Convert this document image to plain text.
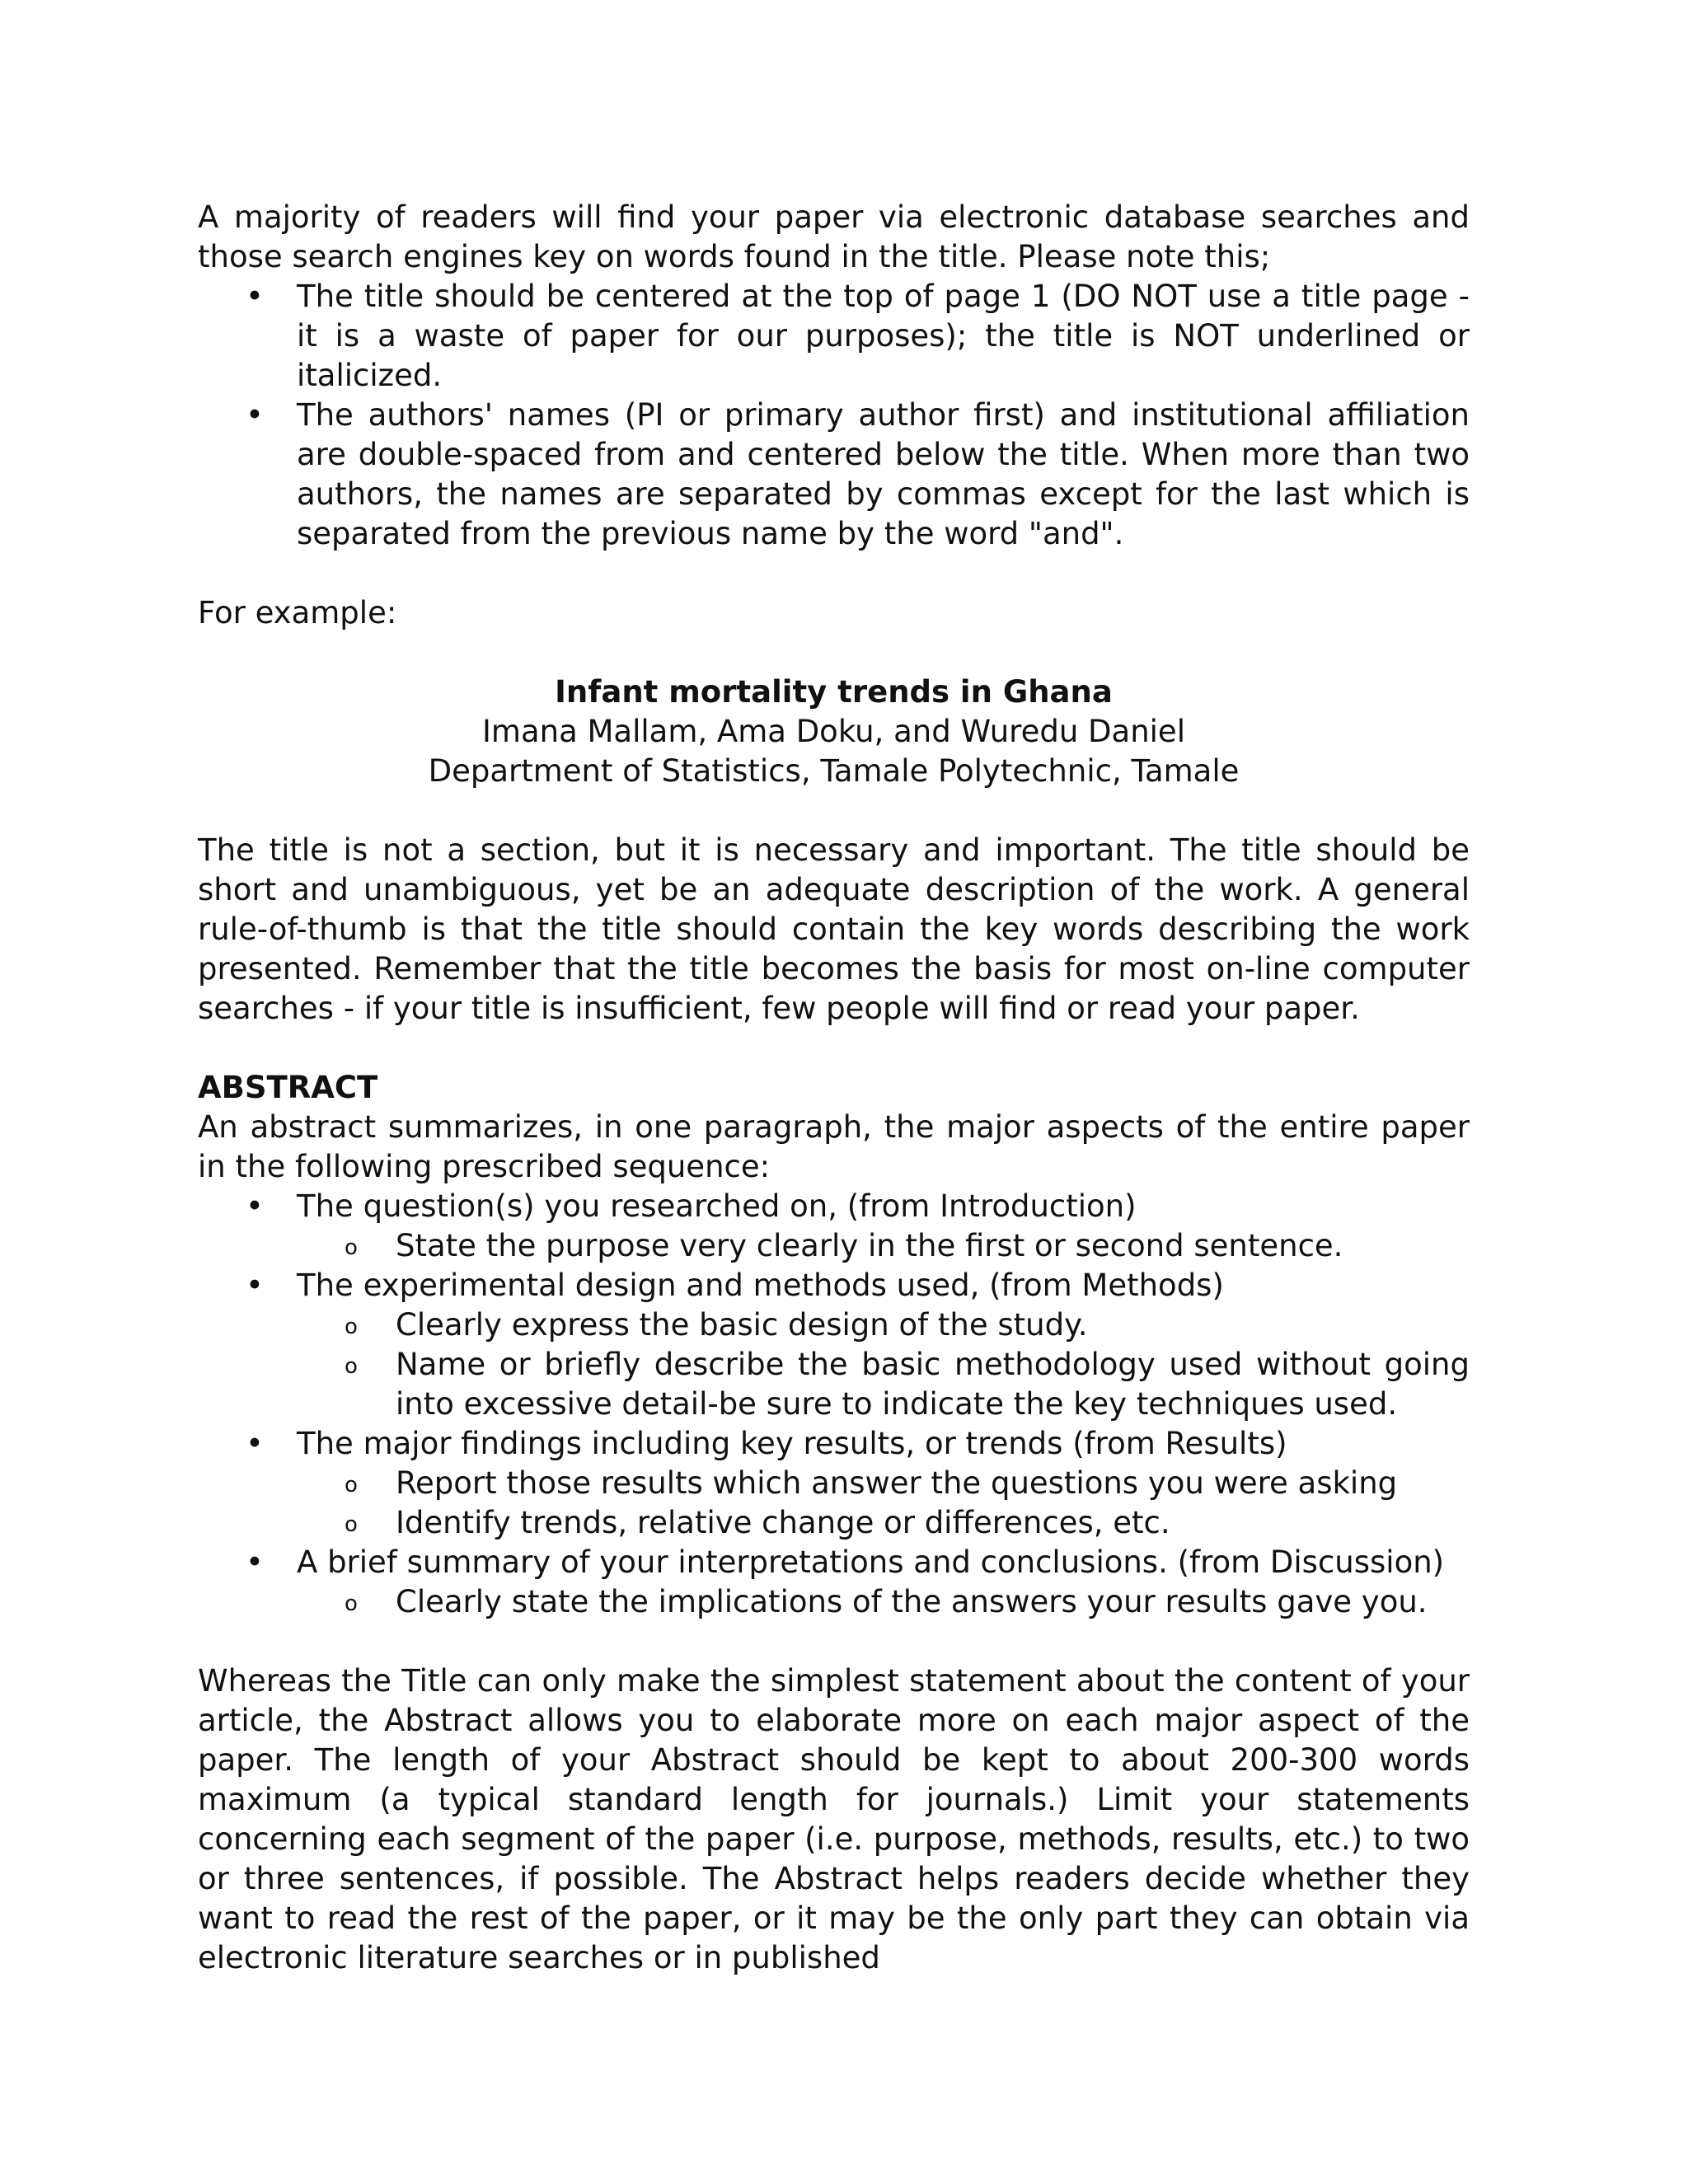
A majority of readers will find your paper via electronic database searches and those search engines key on words found in the title. Please note this;

• The title should be centered at the top of page 1 (DO NOT use a title page - it is a waste of paper for our purposes); the title is NOT underlined or italicized.
• The authors' names (PI or primary author first) and institutional affiliation are double-spaced from and centered below the title. When more than two authors, the names are separated by commas except for the last which is separated from the previous name by the word "and".

For example:

Infant mortality trends in Ghana

Imana Mallam, Ama Doku, and Wuredu Daniel

Department of Statistics, Tamale Polytechnic, Tamale

The title is not a section, but it is necessary and important. The title should be short and unambiguous, yet be an adequate description of the work. A general rule-of-thumb is that the title should contain the key words describing the work presented. Remember that the title becomes the basis for most on-line computer searches - if your title is insufficient, few people will find or read your paper.

ABSTRACT

An abstract summarizes, in one paragraph, the major aspects of the entire paper in the following prescribed sequence:

• The question(s) you researched on, (from Introduction)
o State the purpose very clearly in the first or second sentence.
• The experimental design and methods used, (from Methods)
o Clearly express the basic design of the study.
o Name or briefly describe the basic methodology used without going into excessive detail-be sure to indicate the key techniques used.
• The major findings including key results, or trends (from Results)
o Report those results which answer the questions you were asking
o Identify trends, relative change or differences, etc.
• A brief summary of your interpretations and conclusions. (from Discussion)
o Clearly state the implications of the answers your results gave you.

Whereas the Title can only make the simplest statement about the content of your article, the Abstract allows you to elaborate more on each major aspect of the paper. The length of your Abstract should be kept to about 200-300 words maximum (a typical standard length for journals.) Limit your statements concerning each segment of the paper (i.e. purpose, methods, results, etc.) to two or three sentences, if possible. The Abstract helps readers decide whether they want to read the rest of the paper, or it may be the only part they can obtain via electronic literature searches or in published
